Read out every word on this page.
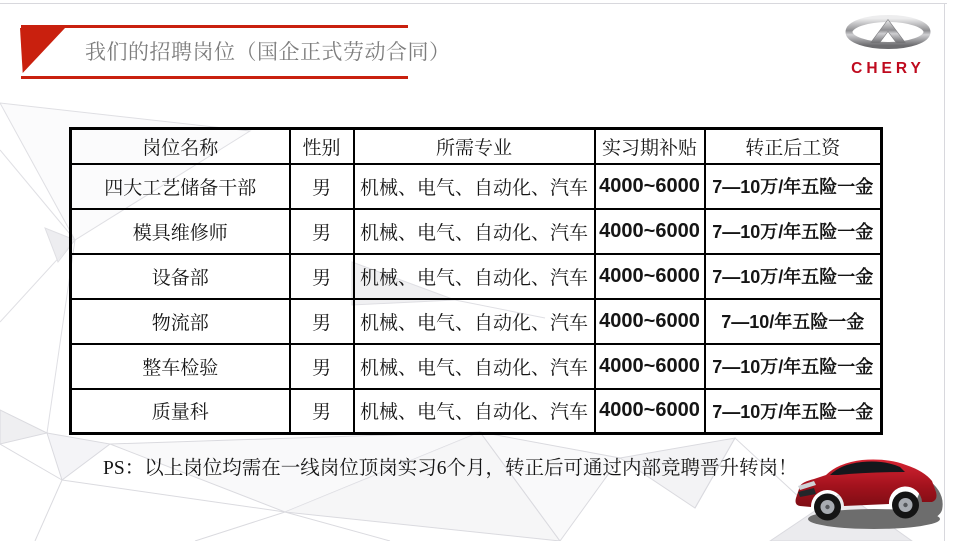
我们的招聘岗位（国企正式劳动合同）
CHERY
岗位名称	性别	所需专业	实习期补贴	转正后工资
四大工艺储备干部	男	机械、电气、自动化、汽车	4000~6000	7—10万/年五险一金
模具维修师	男	机械、电气、自动化、汽车	4000~6000	7—10万/年五险一金
设备部	男	机械、电气、自动化、汽车	4000~6000	7—10万/年五险一金
物流部	男	机械、电气、自动化、汽车	4000~6000	7—10/年五险一金
整车检验	男	机械、电气、自动化、汽车	4000~6000	7—10万/年五险一金
质量科	男	机械、电气、自动化、汽车	4000~6000	7—10万/年五险一金
PS：以上岗位均需在一线岗位顶岗实习6个月，转正后可通过内部竞聘晋升转岗！
